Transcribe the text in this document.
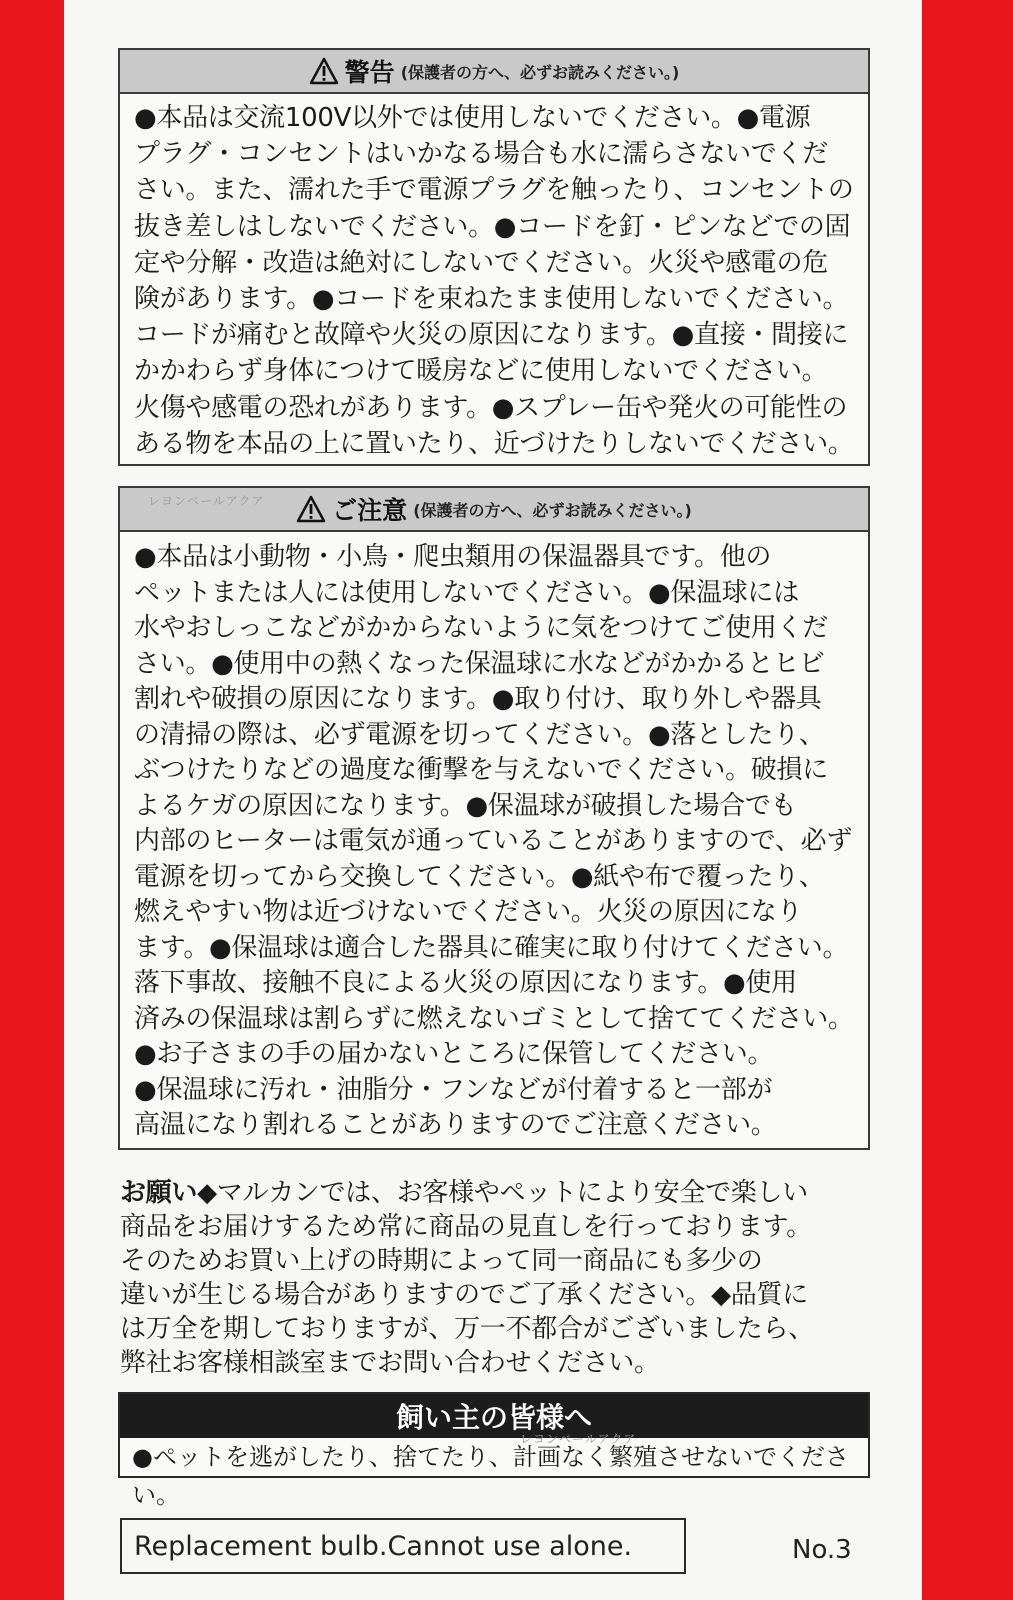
警告 (保護者の方へ、必ずお読みください。)
●本品は交流100V以外では使用しないでください。●電源
プラグ・コンセントはいかなる場合も水に濡らさないでくだ
さい。また、濡れた手で電源プラグを触ったり、コンセントの
抜き差しはしないでください。●コードを釘・ピンなどでの固
定や分解・改造は絶対にしないでください。火災や感電の危
険があります。●コードを束ねたまま使用しないでください。
コードが痛むと故障や火災の原因になります。●直接・間接に
かかわらず身体につけて暖房などに使用しないでください。
火傷や感電の恐れがあります。●スプレー缶や発火の可能性の
ある物を本品の上に置いたり、近づけたりしないでください。
ご注意 (保護者の方へ、必ずお読みください。)
●本品は小動物・小鳥・爬虫類用の保温器具です。他の
ペットまたは人には使用しないでください。●保温球には
水やおしっこなどがかからないように気をつけてご使用くだ
さい。●使用中の熱くなった保温球に水などがかかるとヒビ
割れや破損の原因になります。●取り付け、取り外しや器具
の清掃の際は、必ず電源を切ってください。●落としたり、
ぶつけたりなどの過度な衝撃を与えないでください。破損に
よるケガの原因になります。●保温球が破損した場合でも
内部のヒーターは電気が通っていることがありますので、必ず
電源を切ってから交換してください。●紙や布で覆ったり、
燃えやすい物は近づけないでください。火災の原因になり
ます。●保温球は適合した器具に確実に取り付けてください。
落下事故、接触不良による火災の原因になります。●使用
済みの保温球は割らずに燃えないゴミとして捨ててください。
●お子さまの手の届かないところに保管してください。
●保温球に汚れ・油脂分・フンなどが付着すると一部が
高温になり割れることがありますのでご注意ください。
お願い◆マルカンでは、お客様やペットにより安全で楽しい
商品をお届けするため常に商品の見直しを行っております。
そのためお買い上げの時期によって同一商品にも多少の
違いが生じる場合がありますのでご了承ください。◆品質に
は万全を期しておりますが、万一不都合がございましたら、
弊社お客様相談室までお問い合わせください。
飼い主の皆様へ
●ペットを逃がしたり、捨てたり、計画なく繁殖させないでください。
Replacement bulb.Cannot use alone.	No.3
レヨンベールアクア
レヨンベールアクア
